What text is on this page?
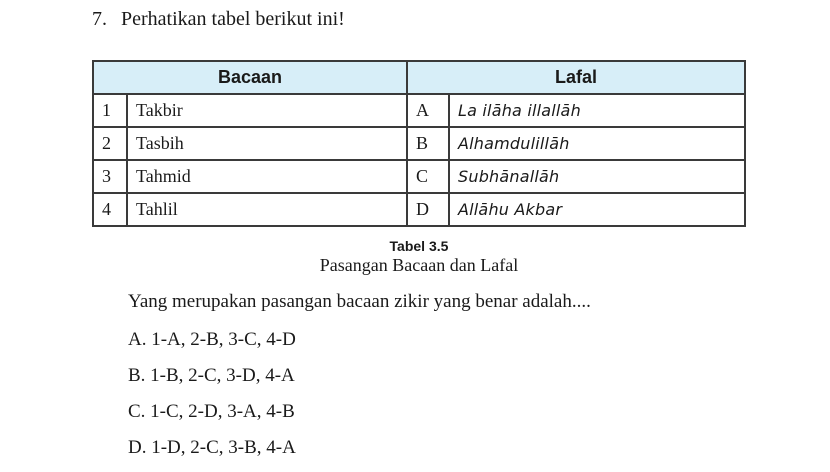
7. Perhatikan tabel berikut ini!
Bacaan		Lafal	
1	Takbir	A	La ilāha illallāh
2	Tasbih	B	Alhamdulillāh
3	Tahmid	C	Subhānallāh
4	Tahlil	D	Allāhu Akbar
Tabel 3.5
Pasangan Bacaan dan Lafal
Yang merupakan pasangan bacaan zikir yang benar adalah....
A. 1-A, 2-B, 3-C, 4-D
B. 1-B, 2-C, 3-D, 4-A
C. 1-C, 2-D, 3-A, 4-B
D. 1-D, 2-C, 3-B, 4-A
